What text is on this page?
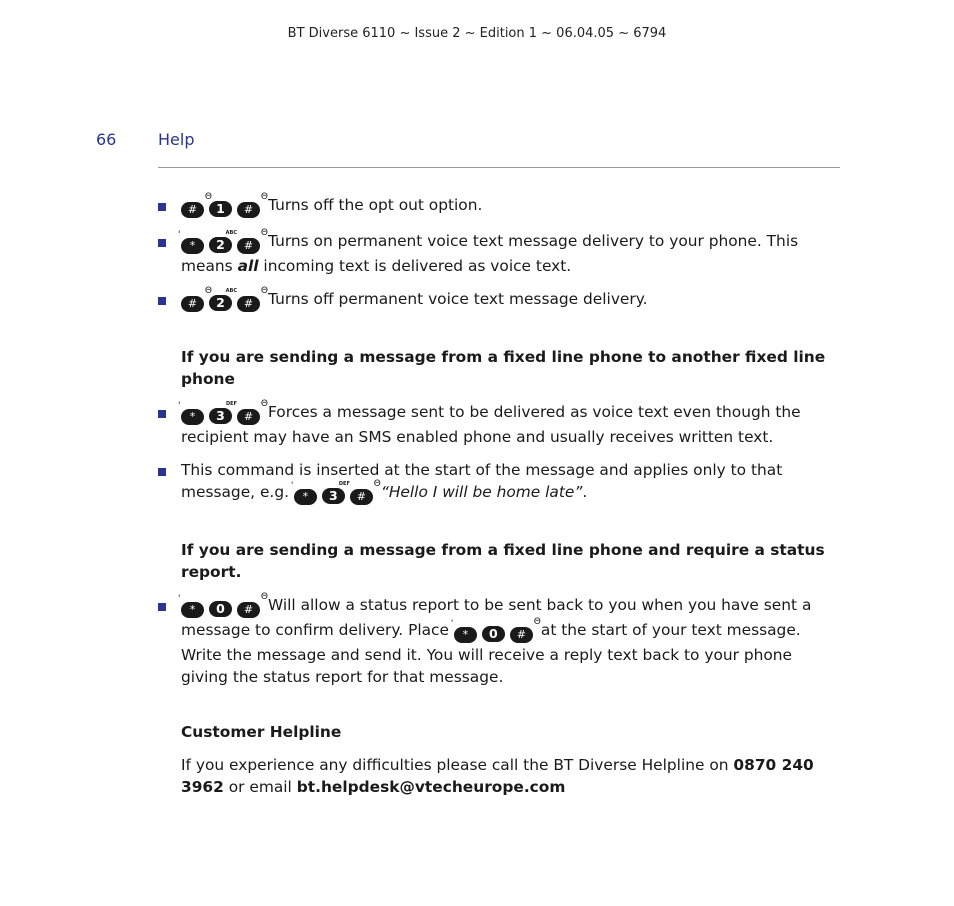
BT Diverse 6110 ~ Issue 2 ~ Edition 1 ~ 06.04.05 ~ 6794
66	Help
#
Θ
1 #
Θ Turns off the opt out option.
'
* 2
ABC
#
Θ Turns on permanent voice text message delivery to your phone. This means all incoming text is delivered as voice text.
#
Θ
2
ABC
#
Θ Turns off permanent voice text message delivery.
If you are sending a message from a fixed line phone to another fixed line phone
'
* 3
DEF
#
Θ Forces a message sent to be delivered as voice text even though the recipient may have an SMS enabled phone and usually receives written text.
This command is inserted at the start of the message and applies only to that message, e.g. '
* 3
DEF
#
Θ “Hello I will be home late”.
If you are sending a message from a fixed line phone and require a status report.
'
* 0 #
Θ Will allow a status report to be sent back to you when you have sent a message to confirm delivery. Place '
* 0 #
Θ at the start of your text message. Write the message and send it. You will receive a reply text back to your phone giving the status report for that message.
Customer Helpline

If you experience any difficulties please call the BT Diverse Helpline on 0870 240 3962 or email bt.helpdesk@vtecheurope.com
